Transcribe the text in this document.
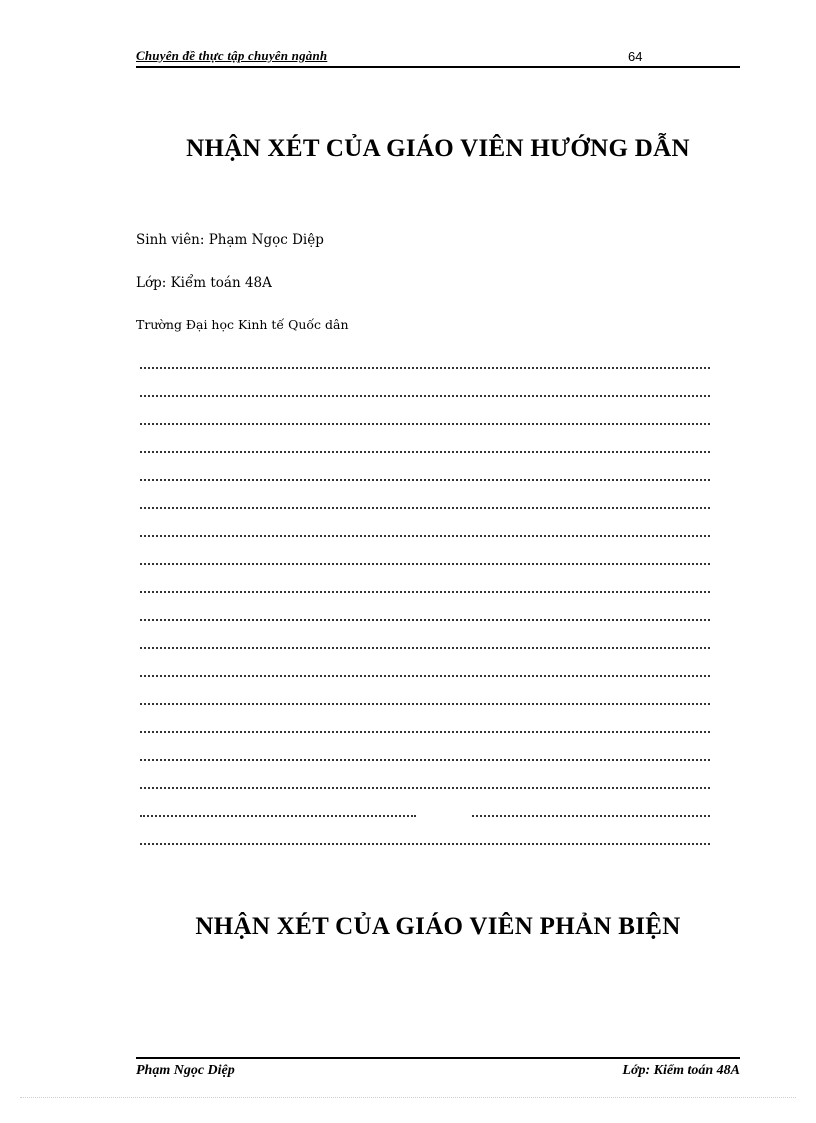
Chuyên đề thực tập chuyên ngành	64
NHẬN XÉT CỦA GIÁO VIÊN HƯỚNG DẪN
Sinh viên: Phạm Ngọc Diệp
Lớp: Kiểm toán 48A
Trường Đại học Kinh tế Quốc dân
NHẬN XÉT CỦA GIÁO VIÊN PHẢN BIỆN
Phạm Ngọc Diệp	Lớp: Kiểm toán 48A
